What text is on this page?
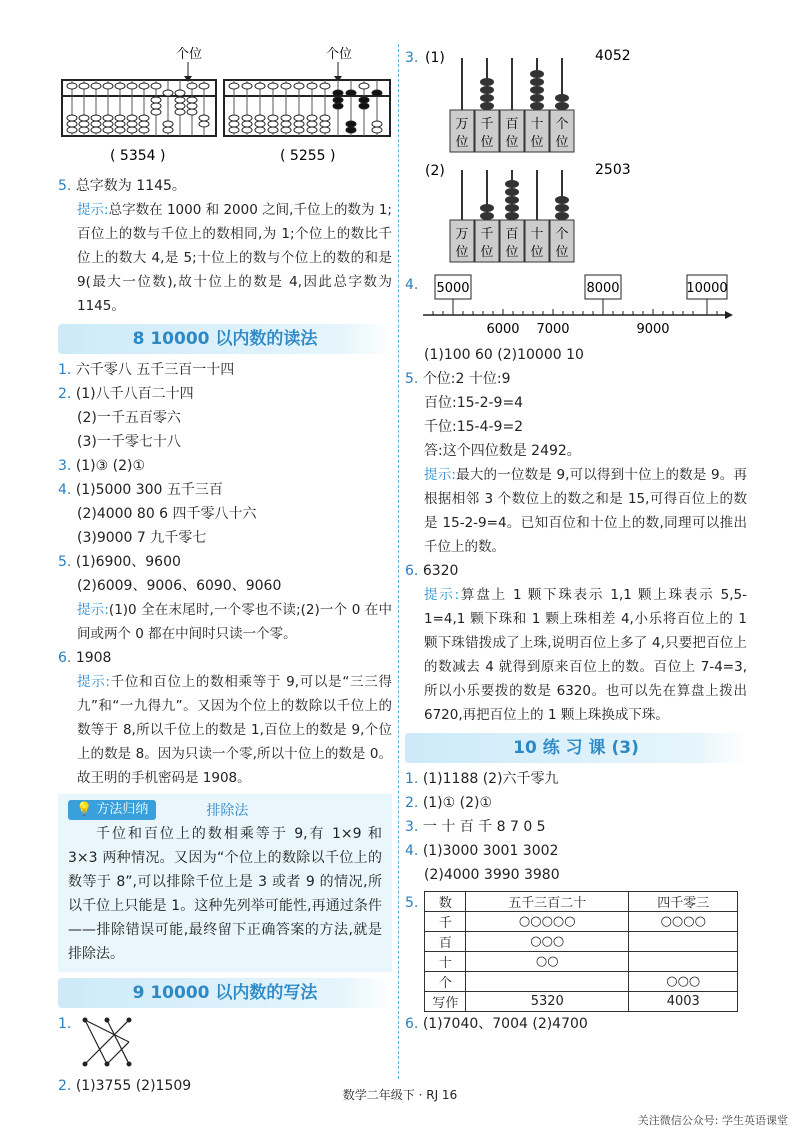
个位	个位
( 5354 )	( 5255 )
5. 总字数为 1145。
提示:总字数在 1000 和 2000 之间,千位上的数为 1;百位上的数与千位上的数相同,为 1;个位上的数比千位上的数大 4,是 5;十位上的数与个位上的数的和是 9(最大一位数),故十位上的数是 4,因此总字数为 1145。
8 10000 以内数的读法
1. 六千零八 五千三百一十四
2. (1)八千八百二十四
(2)一千五百零六
(3)一千零七十八
3. (1)③ (2)①
4. (1)5000 300 五千三百
(2)4000 80 6 四千零八十六
(3)9000 7 九千零七
5. (1)6900、9600
(2)6009、9006、6090、9060
提示:(1)0 全在末尾时,一个零也不读;(2)一个 0 在中间或两个 0 都在中间时只读一个零。
6. 1908
提示:千位和百位上的数相乘等于 9,可以是“三三得九”和“一九得九”。又因为个位上的数除以千位上的数等于 8,所以千位上的数是 1,百位上的数是 9,个位上的数是 8。因为只读一个零,所以十位上的数是 0。故王明的手机密码是 1908。
💡 方法归纳	排除法
千位和百位上的数相乘等于 9,有 1×9 和 3×3 两种情况。又因为“个位上的数除以千位上的数等于 8”,可以排除千位上是 3 或者 9 的情况,所以千位上只能是 1。这种先列举可能性,再通过条件——排除错误可能,最终留下正确答案的方法,就是排除法。
9 10000 以内数的写法
1.
2. (1)3755 (2)1509
3. (1)	4052
万 千 百 十 个
位 位 位 位 位
(2)	2503
万 千 百 十 个
位 位 位 位 位

4. 5000	8000	10000
6000 7000	9000
(1)100 60 (2)10000 10
5. 个位:2 十位:9
百位:15-2-9=4
千位:15-4-9=2
答:这个四位数是 2492。
提示:最大的一位数是 9,可以得到十位上的数是 9。再根据相邻 3 个数位上的数之和是 15,可得百位上的数是 15-2-9=4。已知百位和十位上的数,同理可以推出千位上的数。
6. 6320
提示:算盘上 1 颗下珠表示 1,1 颗上珠表示 5,5-1=4,1 颗下珠和 1 颗上珠相差 4,小乐将百位上的 1 颗下珠错拨成了上珠,说明百位上多了 4,只要把百位上的数减去 4 就得到原来百位上的数。百位上 7-4=3,所以小乐要拨的数是 6320。也可以先在算盘上拨出 6720,再把百位上的 1 颗上珠换成下珠。
10 练 习 课 (3)
1. (1)1188 (2)六千零九
2. (1)① (2)①
3. 一 十 百 千 8 7 0 5
4. (1)3000 3001 3002
(2)4000 3990 3980
5. 数	五千三百二十	四千零三
千	○○○○○	○○○○
百	○○○	
十	○○	
个		○○○
写作	5320	4003
6. (1)7040、7004 (2)4700
数学二年级下 · RJ 16
关注微信公众号: 学生英语课堂
